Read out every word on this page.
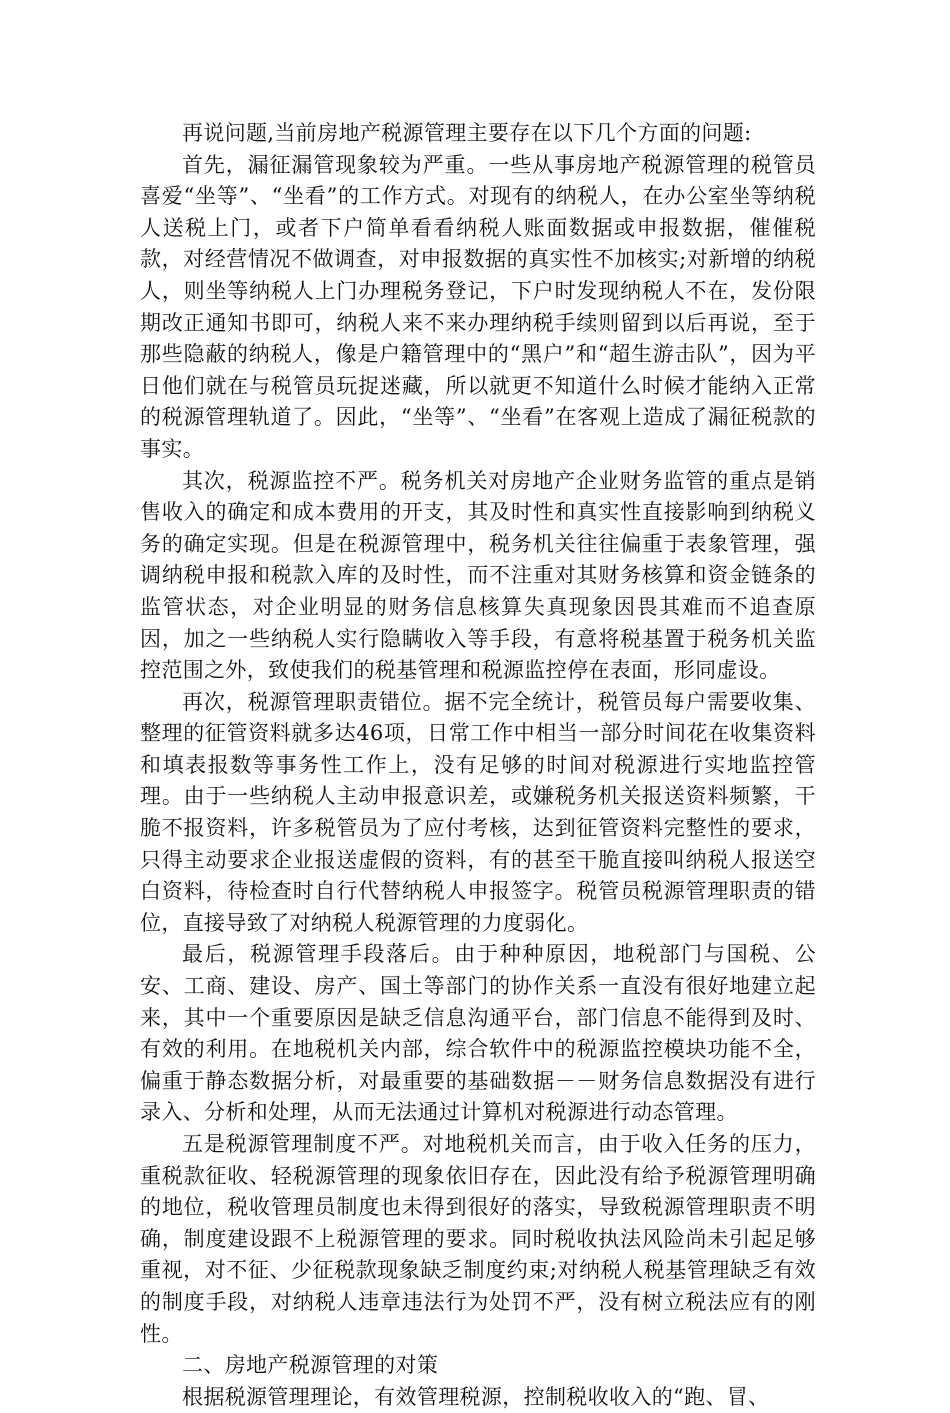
再说问题,当前房地产税源管理主要存在以下几个方面的问题:

首先，漏征漏管现象较为严重。一些从事房地产税源管理的税管员喜爱“坐等”、“坐看”的工作方式。对现有的纳税人，在办公室坐等纳税人送税上门，或者下户简单看看纳税人账面数据或申报数据，催催税款，对经营情况不做调查，对申报数据的真实性不加核实;对新增的纳税人，则坐等纳税人上门办理税务登记，下户时发现纳税人不在，发份限期改正通知书即可，纳税人来不来办理纳税手续则留到以后再说，至于那些隐蔽的纳税人，像是户籍管理中的“黑户”和“超生游击队”，因为平日他们就在与税管员玩捉迷藏，所以就更不知道什么时候才能纳入正常的税源管理轨道了。因此，“坐等”、“坐看”在客观上造成了漏征税款的事实。

其次，税源监控不严。税务机关对房地产企业财务监管的重点是销售收入的确定和成本费用的开支，其及时性和真实性直接影响到纳税义务的确定实现。但是在税源管理中，税务机关往往偏重于表象管理，强调纳税申报和税款入库的及时性，而不注重对其财务核算和资金链条的监管状态，对企业明显的财务信息核算失真现象因畏其难而不追查原因，加之一些纳税人实行隐瞒收入等手段，有意将税基置于税务机关监控范围之外，致使我们的税基管理和税源监控停在表面，形同虚设。

再次，税源管理职责错位。据不完全统计，税管员每户需要收集、整理的征管资料就多达46项，日常工作中相当一部分时间花在收集资料和填表报数等事务性工作上，没有足够的时间对税源进行实地监控管理。由于一些纳税人主动申报意识差，或嫌税务机关报送资料频繁，干脆不报资料，许多税管员为了应付考核，达到征管资料完整性的要求，只得主动要求企业报送虚假的资料，有的甚至干脆直接叫纳税人报送空白资料，待检查时自行代替纳税人申报签字。税管员税源管理职责的错位，直接导致了对纳税人税源管理的力度弱化。

最后，税源管理手段落后。由于种种原因，地税部门与国税、公安、工商、建设、房产、国土等部门的协作关系一直没有很好地建立起来，其中一个重要原因是缺乏信息沟通平台，部门信息不能得到及时、有效的利用。在地税机关内部，综合软件中的税源监控模块功能不全，偏重于静态数据分析，对最重要的基础数据－－财务信息数据没有进行录入、分析和处理，从而无法通过计算机对税源进行动态管理。

五是税源管理制度不严。对地税机关而言，由于收入任务的压力，重税款征收、轻税源管理的现象依旧存在，因此没有给予税源管理明确的地位，税收管理员制度也未得到很好的落实，导致税源管理职责不明确，制度建设跟不上税源管理的要求。同时税收执法风险尚未引起足够重视，对不征、少征税款现象缺乏制度约束;对纳税人税基管理缺乏有效的制度手段，对纳税人违章违法行为处罚不严，没有树立税法应有的刚性。

二、房地产税源管理的对策

根据税源管理理论，有效管理税源，控制税收收入的“跑、冒、
